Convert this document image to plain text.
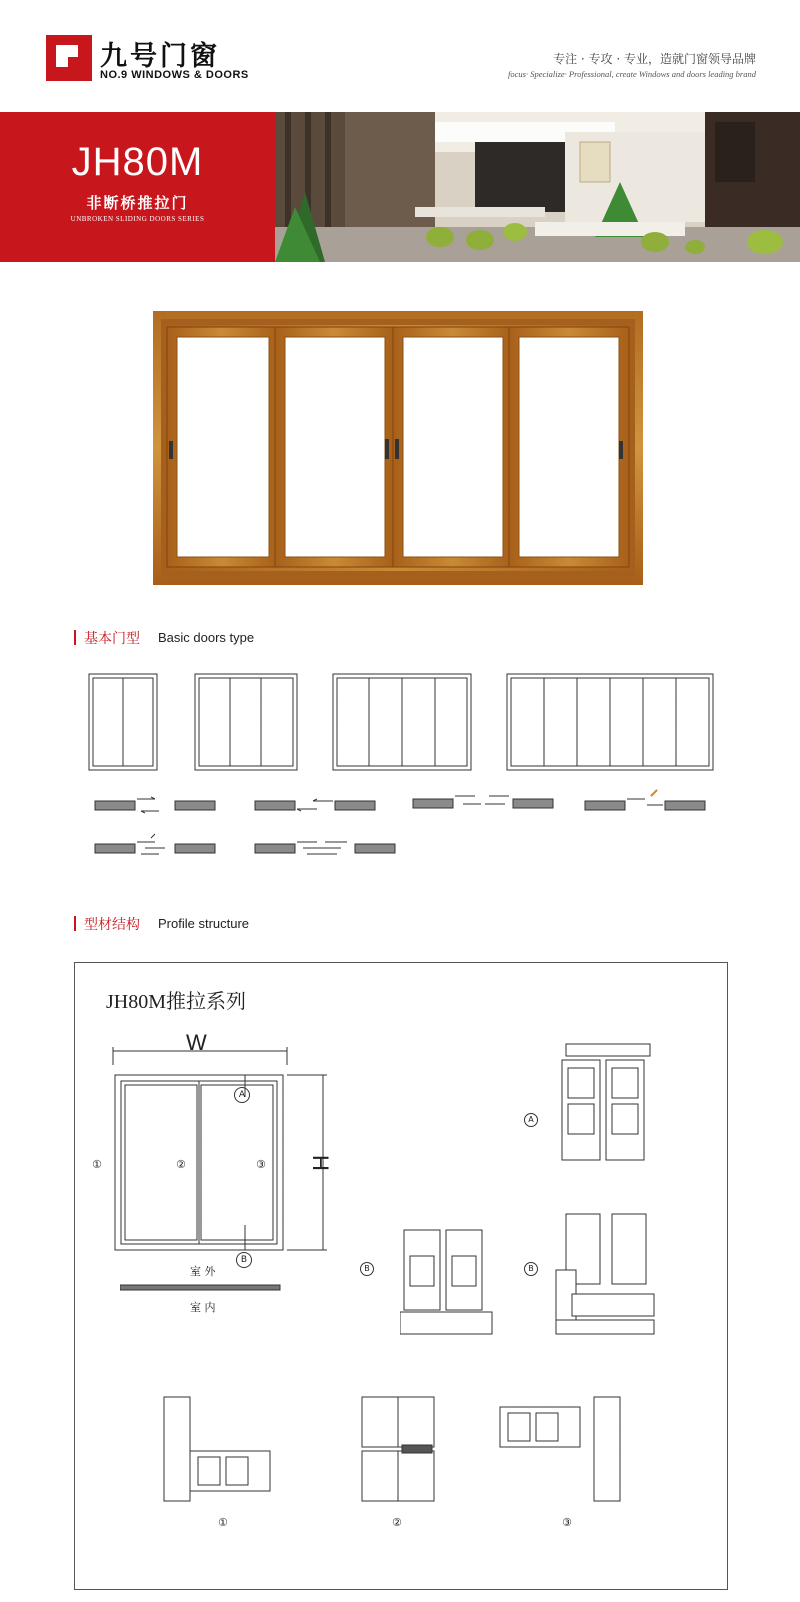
九号门窗
NO.9 WINDOWS & DOORS
专注 · 专攻 · 专业，造就门窗领导品牌
focus· Specialize· Professional, create Windows and doors leading brand
JH80M
非断桥推拉门
UNBROKEN SLIDING DOORS SERIES
基本门型 Basic doors type
型材结构 Profile structure
JH80M推拉系列
W
H
A
B
①	②	③
室 外
室 内
A
B	B
①	②	③
